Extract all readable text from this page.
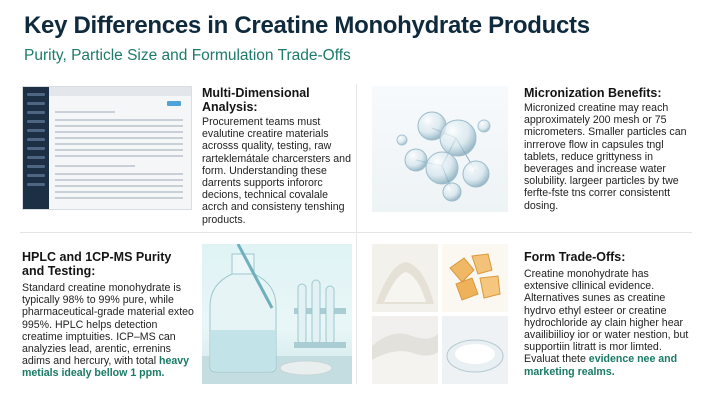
Key Differences in Creatine Monohydrate Products
Purity, Particle Size and Formulation Trade-Offs
Multi-Dimensional Analysis:
Procurement teams must evalutine creatire materials acrosss quality, testing, raw rarteklemátale charcersters and form. Understanding these darrents supports infororc decions, technical covalale acrch and consisteny tenshing products.
Micronization Benefits:
Micronized creatine may reach approximately 200 mesh or 75 micrometers. Smaller particles can inrrerove flow in capsules tngl tablets, reduce grittyness in beverages and increase water solubility. largeer particles by twe ferfte-fste tns correr consistentt dosing.
HPLC and 1CP-MS Purity and Testing:
Standard creatine monohydrate is typically 98% to 99% pure, while pharmaceutical-grade material exteo 995%. HPLC helps detection creatime imptuities. ICP–MS can analyzies lead, arentic, errenins adims and hercury, with total heavy metials idealy bellow 1 ppm.
Form Trade-Offs:
Creatine monohydrate has extensive cllinical evidence. Alternatives sunes as creatine hydrvo ethyl esteer or creatine hydrochloride ay clain higher hear availibiilioy ior or water nestion, but supportiin litratt is mor limted. Evaluat thete evidence nee and marketing realms.
